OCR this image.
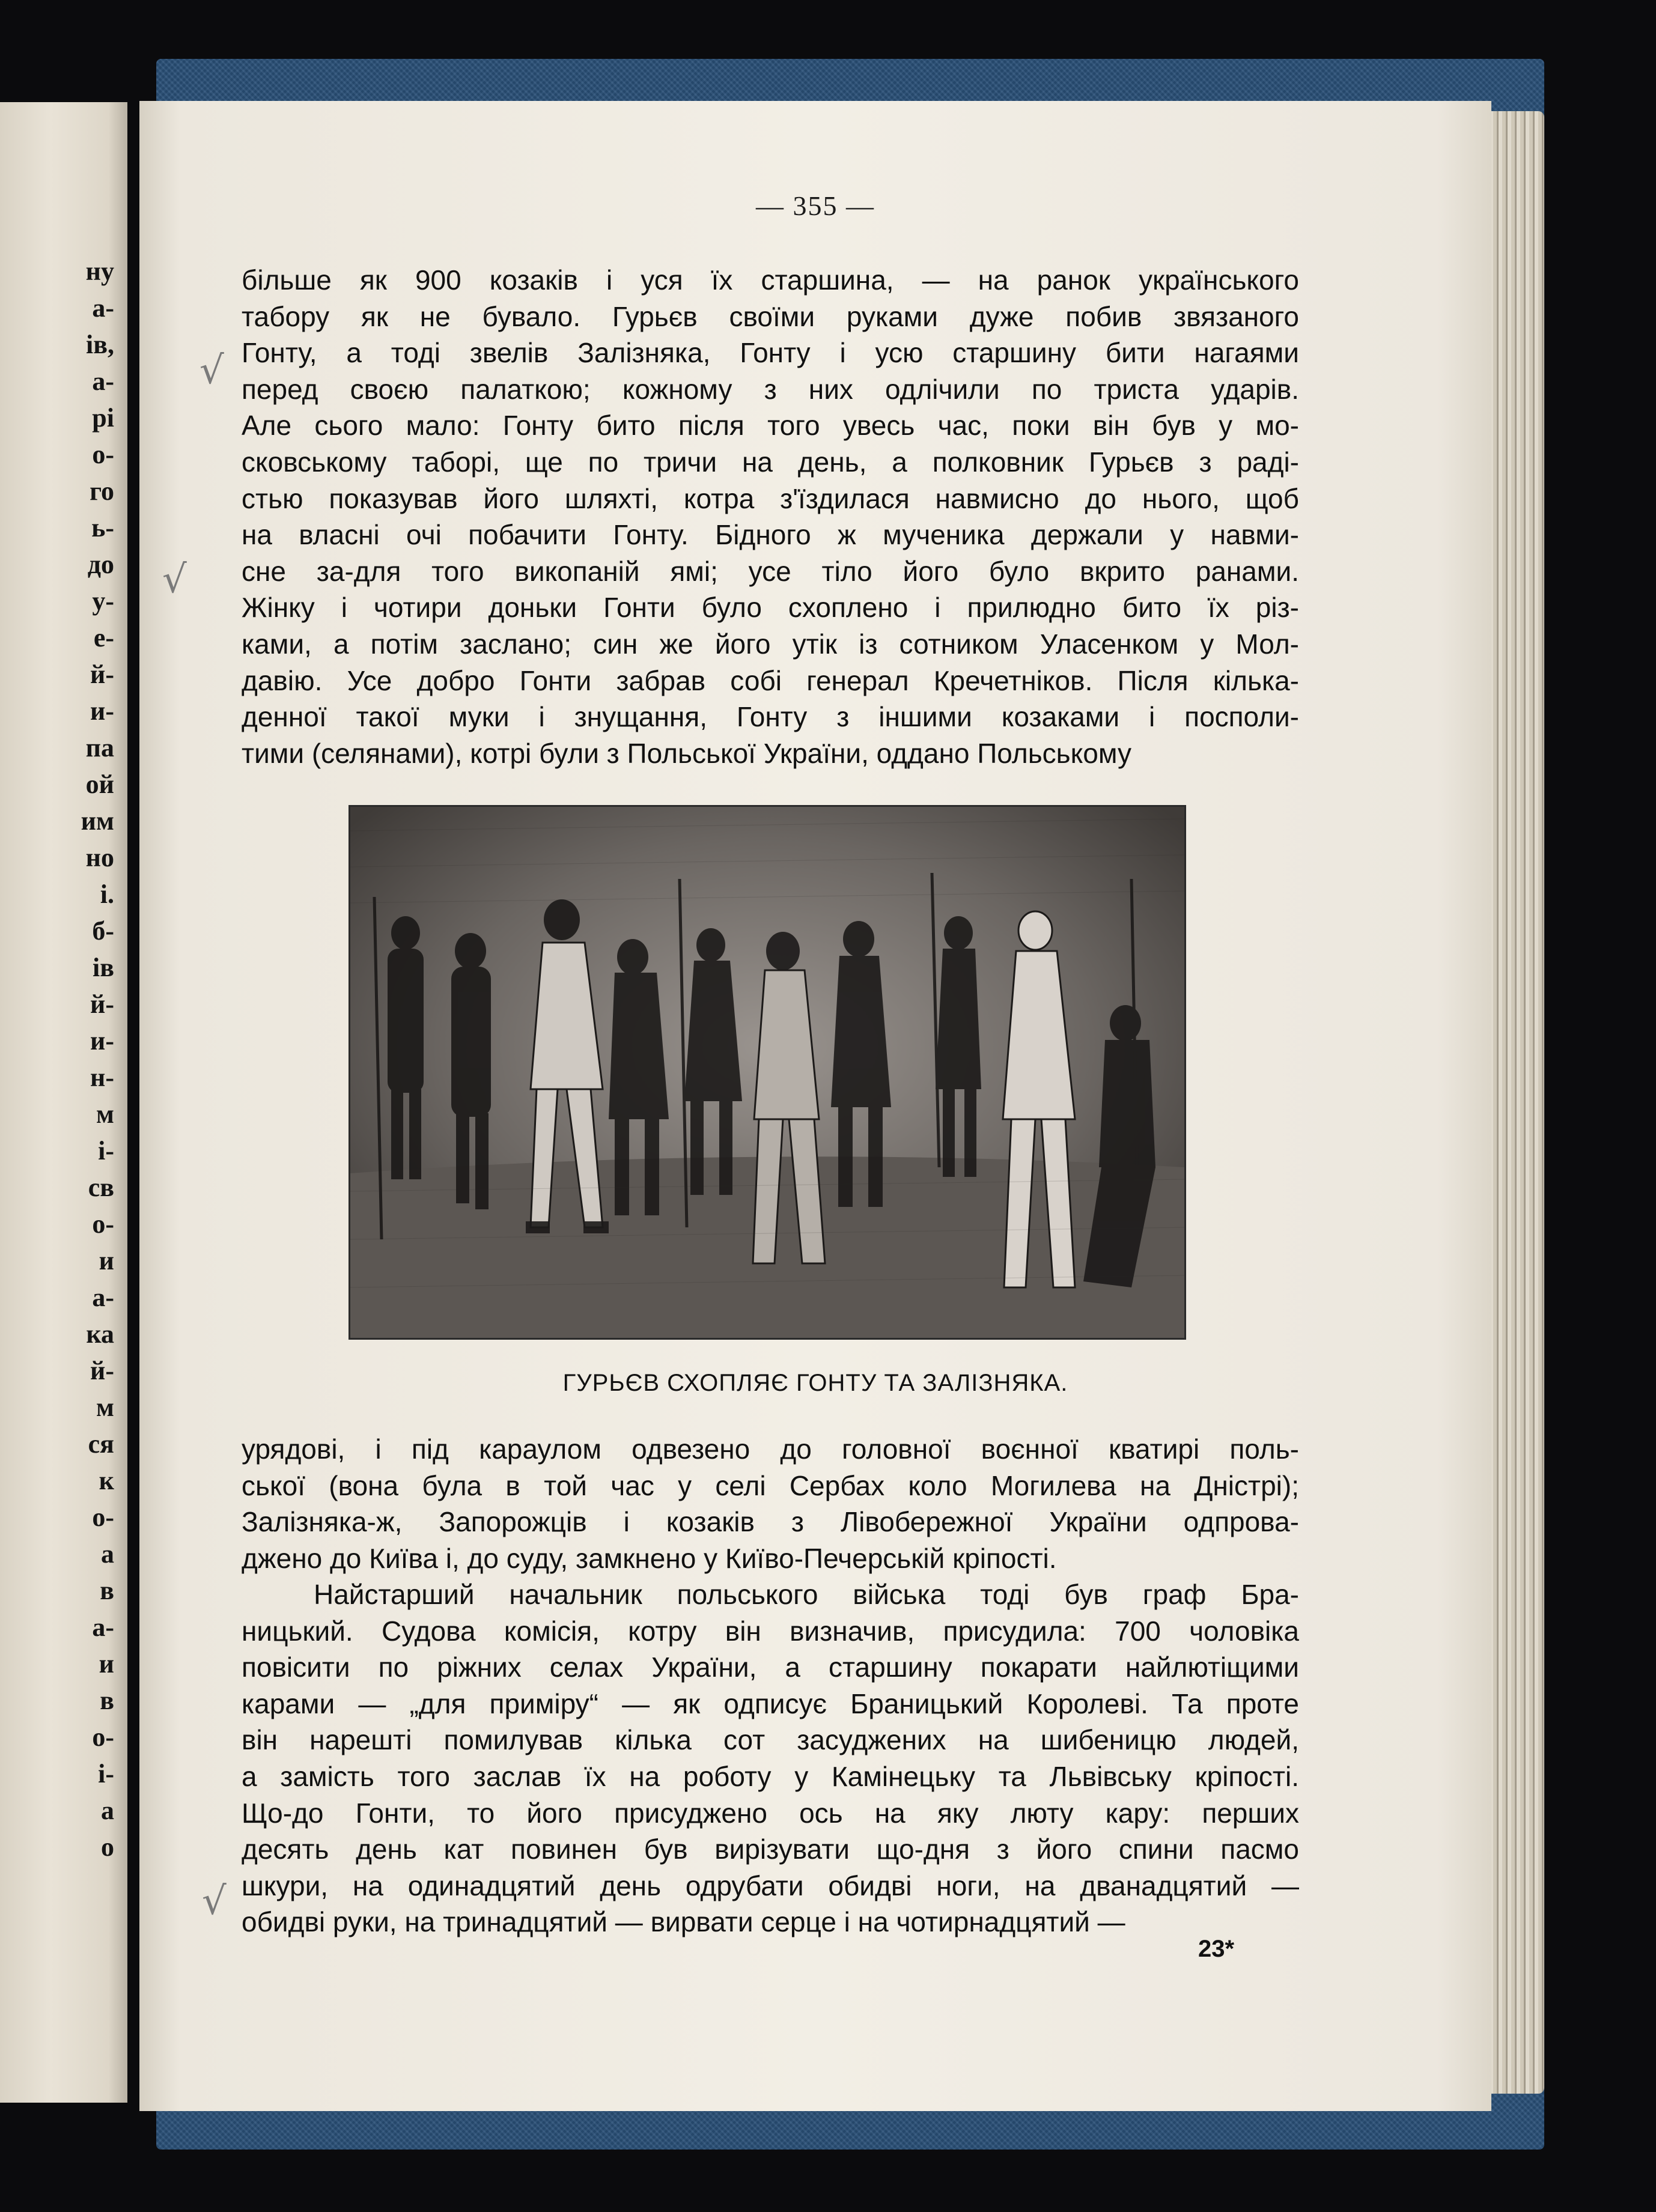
ну
а-
ів,
а-
рі
о-
го
ь-
до
у-
е-
й-
и-
па
ой
им
но
і.
б-
ів
й-
и-
н-
м
і-
св
о-
и
а-
ка
й-
м
ся
к
о-
а
в
а-
и
в
о-
і-
а
о
— 355 —
більше як 900 козаків і уся їх старшина, — на ранок українського
табору як не бувало. Гурьєв своїми руками дуже побив звязаного
Гонту, а тоді звелів Залізняка, Гонту і усю старшину бити нагаями
перед своєю палаткою; кожному з них одлічили по триста ударів.
Але сього мало: Гонту бито після того увесь час, поки він був у мо-
сковському таборі, ще по тричи на день, а полковник Гурьєв з раді-
стью показував його шляхті, котра з'їздилася навмисно до нього, щоб
на власні очі побачити Гонту. Бідного ж мученика держали у навми-
сне за-для того викопаній ямі; усе тіло його було вкрито ранами.
Жінку і чотири доньки Гонти було схоплено і прилюдно бито їх різ-
ками, а потім заслано; син же його утік із сотником Уласенком у Мол-
давію. Усе добро Гонти забрав собі генерал Кречетніков. Після кілька-
денної такої муки і знущання, Гонту з іншими козаками і посполи-
тими (селянами), котрі були з Польської України, оддано Польському
ГУРЬЄВ СХОПЛЯЄ ГОНТУ ТА ЗАЛІЗНЯКА.
урядові, і під караулом одвезено до головної воєнної кватирі поль-
ської (вона була в той час у селі Сербах коло Могилева на Дністрі);
Залізняка-ж, Запорожців і козаків з Лівобережної України одпрова-
джено до Київа і, до суду, замкнено у Київо-Печерській кріпості.
Найстарший начальник польського війська тоді був граф Бра-
ницький. Судова комісія, котру він визначив, присудила: 700 чоловіка
повісити по ріжних селах України, а старшину покарати найлютіщими
карами — „для приміру“ — як одписує Браницький Королеві. Та проте
він нарешті помилував кілька сот засуджених на шибеницю людей,
а замість того заслав їх на роботу у Камінецьку та Львівську кріпості.
Що-до Гонти, то його присуджено ось на яку люту кару: перших
десять день кат повинен був вирізувати що-дня з його спини пасмо
шкури, на одинадцятий день одрубати обидві ноги, на дванадцятий —
обидві руки, на тринадцятий — вирвати серце і на чотирнадцятий —
23*
√
√
√
